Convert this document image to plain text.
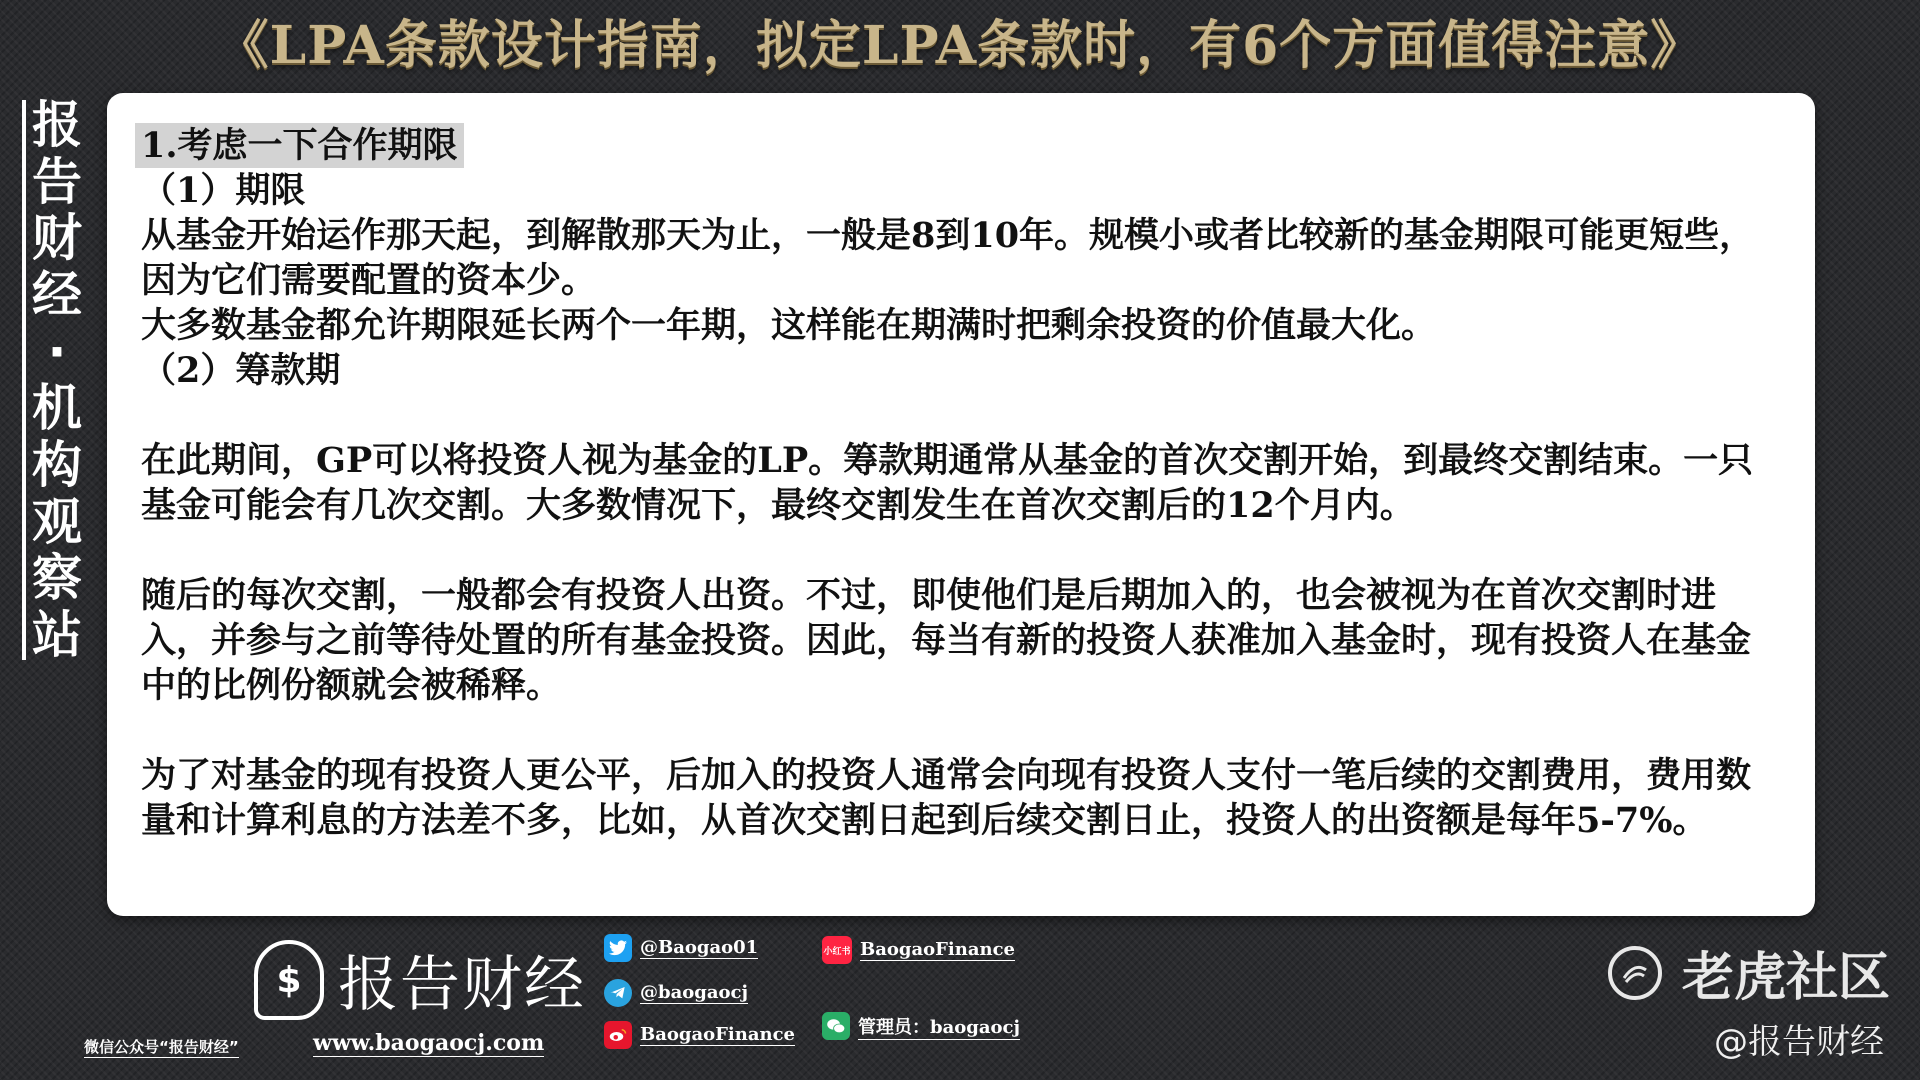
《LPA条款设计指南，拟定LPA条款时，有6个方面值得注意》
报
告
财
经
·
机
构
观
察
站

1.考虑一下合作期限

（1）期限

从基金开始运作那天起，到解散那天为止，一般是8到10年。规模小或者比较新的基金期限可能更短些，因为它们需要配置的资本少。

大多数基金都允许期限延长两个一年期，这样能在期满时把剩余投资的价值最大化。

（2）筹款期

在此期间，GP可以将投资人视为基金的LP。筹款期通常从基金的首次交割开始，到最终交割结束。一只基金可能会有几次交割。大多数情况下，最终交割发生在首次交割后的12个月内。

随后的每次交割，一般都会有投资人出资。不过，即使他们是后期加入的，也会被视为在首次交割时进入，并参与之前等待处置的所有基金投资。因此，每当有新的投资人获准加入基金时，现有投资人在基金中的比例份额就会被稀释。

为了对基金的现有投资人更公平，后加入的投资人通常会向现有投资人支付一笔后续的交割费用，费用数量和计算利息的方法差不多，比如，从首次交割日起到后续交割日止，投资人的出资额是每年5-7%。

$ 报告财经
微信公众号“报告财经”	www.baogaocj.com
@Baogao01
@baogaocj
BaogaoFinance
小红书 BaogaoFinance
管理员：baogaocj
老虎社区
@报告财经
